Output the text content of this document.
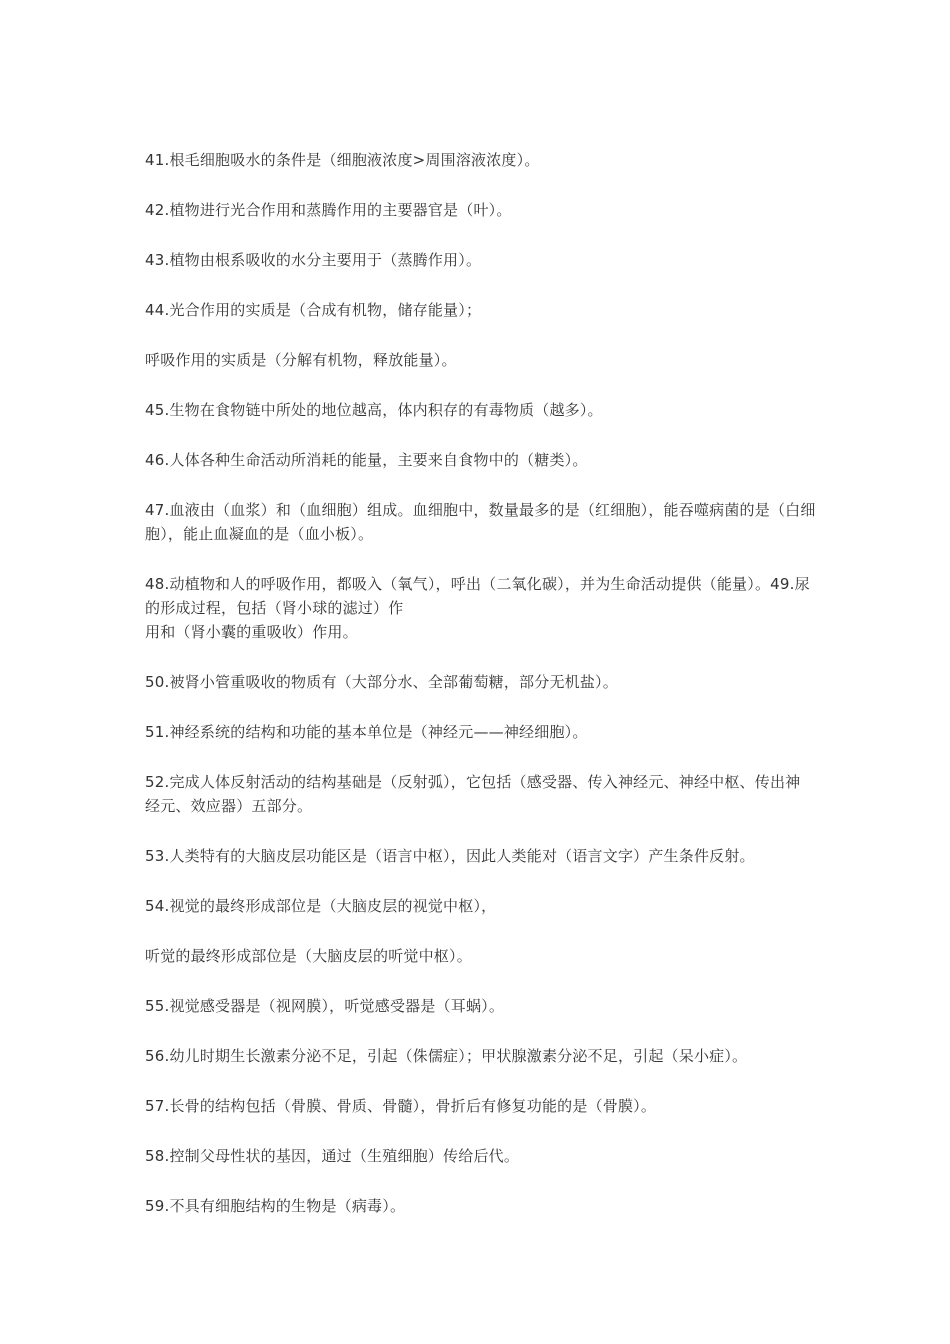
41.根毛细胞吸水的条件是（细胞液浓度>周围溶液浓度）。

42.植物进行光合作用和蒸腾作用的主要器官是（叶）。

43.植物由根系吸收的水分主要用于（蒸腾作用）。

44.光合作用的实质是（合成有机物，储存能量）；

呼吸作用的实质是（分解有机物，释放能量）。

45.生物在食物链中所处的地位越高，体内积存的有毒物质（越多）。

46.人体各种生命活动所消耗的能量，主要来自食物中的（糖类）。

47.血液由（血浆）和（血细胞）组成。血细胞中，数量最多的是（红细胞），能吞噬病菌的是（白细
胞），能止血凝血的是（血小板）。

48.动植物和人的呼吸作用，都吸入（氧气），呼出（二氧化碳），并为生命活动提供（能量）。49.尿
的形成过程，包括（肾小球的滤过）作
用和（肾小囊的重吸收）作用。

50.被肾小管重吸收的物质有（大部分水、全部葡萄糖，部分无机盐）。

51.神经系统的结构和功能的基本单位是（神经元——神经细胞）。

52.完成人体反射活动的结构基础是（反射弧），它包括（感受器、传入神经元、神经中枢、传出神
经元、效应器）五部分。

53.人类特有的大脑皮层功能区是（语言中枢），因此人类能对（语言文字）产生条件反射。

54.视觉的最终形成部位是（大脑皮层的视觉中枢），

听觉的最终形成部位是（大脑皮层的听觉中枢）。

55.视觉感受器是（视网膜），听觉感受器是（耳蜗）。

56.幼儿时期生长激素分泌不足，引起（侏儒症）；甲状腺激素分泌不足，引起（呆小症）。

57.长骨的结构包括（骨膜、骨质、骨髓），骨折后有修复功能的是（骨膜）。

58.控制父母性状的基因，通过（生殖细胞）传给后代。

59.不具有细胞结构的生物是（病毒）。
